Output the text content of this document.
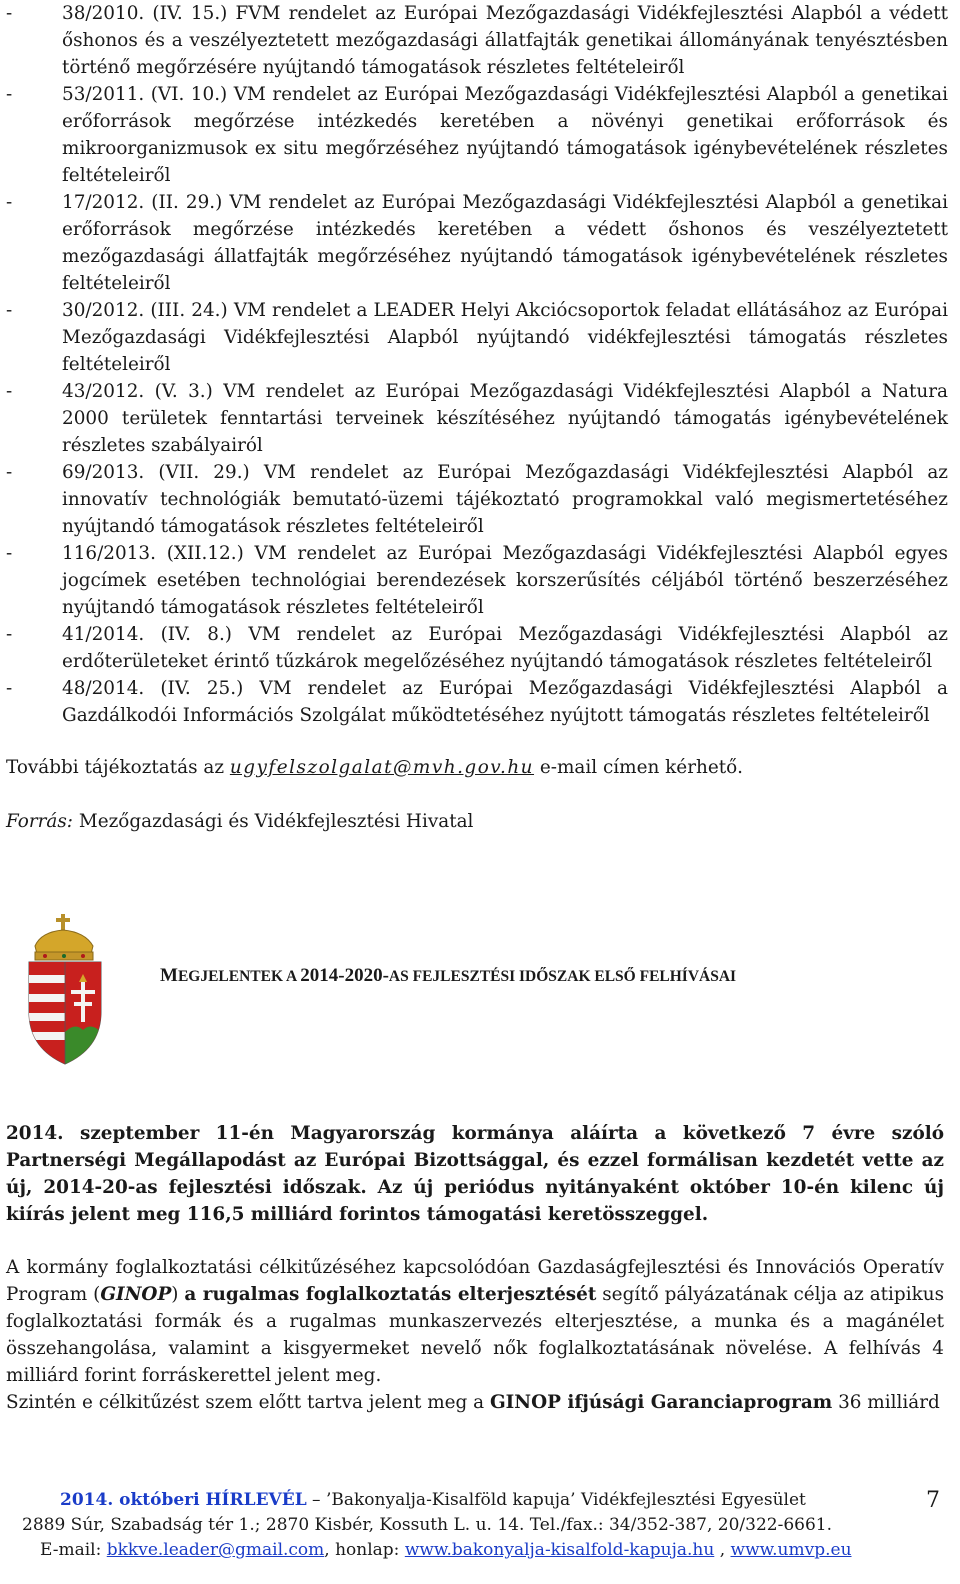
-	38/2010. (IV. 15.) FVM rendelet az Európai Mezőgazdasági Vidékfejlesztési Alapból a védett őshonos és a veszélyeztetett mezőgazdasági állatfajták genetikai állományának tenyésztésben történő megőrzésére nyújtandó támogatások részletes feltételeiről
-	53/2011. (VI. 10.) VM rendelet az Európai Mezőgazdasági Vidékfejlesztési Alapból a genetikai erőforrások megőrzése intézkedés keretében a növényi genetikai erőforrások és mikroorganizmusok ex situ megőrzéséhez nyújtandó támogatások igénybevételének részletes feltételeiről
-	17/2012. (II. 29.) VM rendelet az Európai Mezőgazdasági Vidékfejlesztési Alapból a genetikai erőforrások megőrzése intézkedés keretében a védett őshonos és veszélyeztetett mezőgazdasági állatfajták megőrzéséhez nyújtandó támogatások igénybevételének részletes feltételeiről
-	30/2012. (III. 24.) VM rendelet a LEADER Helyi Akciócsoportok feladat ellátásához az Európai Mezőgazdasági Vidékfejlesztési Alapból nyújtandó vidékfejlesztési támogatás részletes feltételeiről
-	43/2012. (V. 3.) VM rendelet az Európai Mezőgazdasági Vidékfejlesztési Alapból a Natura 2000 területek fenntartási terveinek készítéséhez nyújtandó támogatás igénybevételének részletes szabályairól
-	69/2013. (VII. 29.) VM rendelet az Európai Mezőgazdasági Vidékfejlesztési Alapból az innovatív technológiák bemutató-üzemi tájékoztató programokkal való megismertetéséhez nyújtandó támogatások részletes feltételeiről
-	116/2013. (XII.12.) VM rendelet az Európai Mezőgazdasági Vidékfejlesztési Alapból egyes jogcímek esetében technológiai berendezések korszerűsítés céljából történő beszerzéséhez nyújtandó támogatások részletes feltételeiről
-	41/2014. (IV. 8.) VM rendelet az Európai Mezőgazdasági Vidékfejlesztési Alapból az erdőterületeket érintő tűzkárok megelőzéséhez nyújtandó támogatások részletes feltételeiről
-	48/2014. (IV. 25.) VM rendelet az Európai Mezőgazdasági Vidékfejlesztési Alapból a Gazdálkodói Információs Szolgálat működtetéséhez nyújtott támogatás részletes feltételeiről
További tájékoztatás az ugyfelszolgalat@mvh.gov.hu e-mail címen kérhető.
Forrás: Mezőgazdasági és Vidékfejlesztési Hivatal
MEGJELENTEK A 2014-2020-AS FEJLESZTÉSI IDŐSZAK ELSŐ FELHÍVÁSAI
2014. szeptember 11-én Magyarország kormánya aláírta a következő 7 évre szóló Partnerségi Megállapodást az Európai Bizottsággal, és ezzel formálisan kezdetét vette az új, 2014-20-as fejlesztési időszak. Az új periódus nyitányaként október 10-én kilenc új kiírás jelent meg 116,5 milliárd forintos támogatási keretösszeggel.
A kormány foglalkoztatási célkitűzéséhez kapcsolódóan Gazdaságfejlesztési és Innovációs Operatív Program (GINOP) a rugalmas foglalkoztatás elterjesztését segítő pályázatának célja az atipikus foglalkoztatási formák és a rugalmas munkaszervezés elterjesztése, a munka és a magánélet összehangolása, valamint a kisgyermeket nevelő nők foglalkoztatásának növelése. A felhívás 4 milliárd forint forráskerettel jelent meg.
Szintén e célkitűzést szem előtt tartva jelent meg a GINOP ifjúsági Garanciaprogram 36 milliárd
2014. októberi HÍRLEVÉL – ’Bakonyalja-Kisalföld kapuja’ Vidékfejlesztési Egyesület	7
2889 Súr, Szabadság tér 1.; 2870 Kisbér, Kossuth L. u. 14. Tel./fax.: 34/352-387, 20/322-6661.
E-mail: bkkve.leader@gmail.com, honlap: www.bakonyalja-kisalfold-kapuja.hu , www.umvp.eu
